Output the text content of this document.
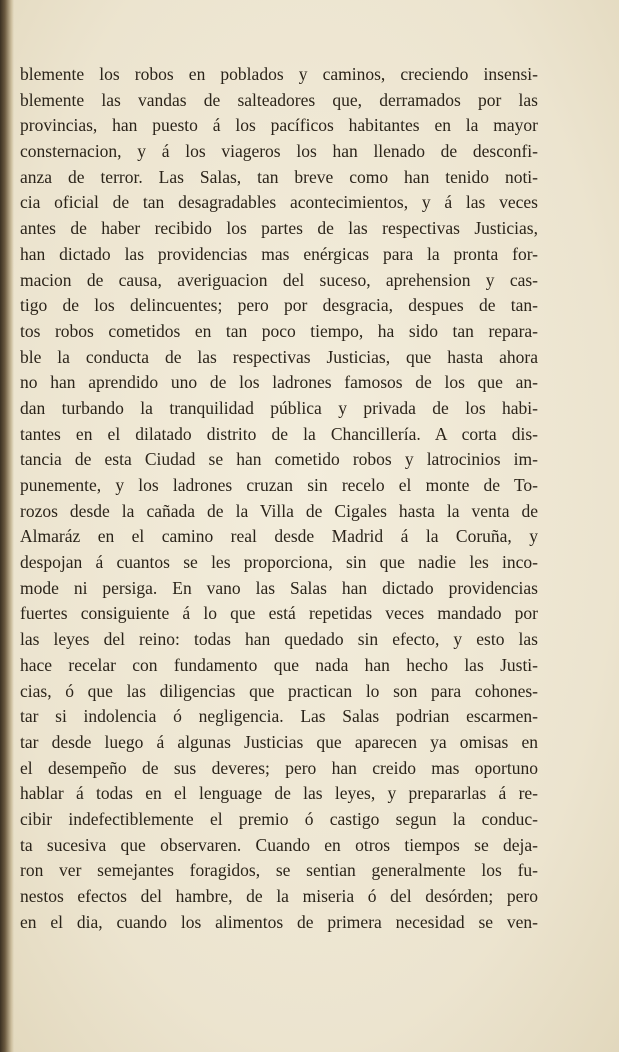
blemente los robos en poblados y caminos, creciendo insensi-
blemente las vandas de salteadores que, derramados por las
provincias, han puesto á los pacíficos habitantes en la mayor
consternacion, y á los viageros los han llenado de desconfi-
anza de terror. Las Salas, tan breve como han tenido noti-
cia oficial de tan desagradables acontecimientos, y á las veces
antes de haber recibido los partes de las respectivas Justicias,
han dictado las providencias mas enérgicas para la pronta for-
macion de causa, averiguacion del suceso, aprehension y cas-
tigo de los delincuentes; pero por desgracia, despues de tan-
tos robos cometidos en tan poco tiempo, ha sido tan repara-
ble la conducta de las respectivas Justicias, que hasta ahora
no han aprendido uno de los ladrones famosos de los que an-
dan turbando la tranquilidad pública y privada de los habi-
tantes en el dilatado distrito de la Chancillería. A corta dis-
tancia de esta Ciudad se han cometido robos y latrocinios im-
punemente, y los ladrones cruzan sin recelo el monte de To-
rozos desde la cañada de la Villa de Cigales hasta la venta de
Almaráz en el camino real desde Madrid á la Coruña, y
despojan á cuantos se les proporciona, sin que nadie les inco-
mode ni persiga. En vano las Salas han dictado providencias
fuertes consiguiente á lo que está repetidas veces mandado por
las leyes del reino: todas han quedado sin efecto, y esto las
hace recelar con fundamento que nada han hecho las Justi-
cias, ó que las diligencias que practican lo son para cohones-
tar si indolencia ó negligencia. Las Salas podrian escarmen-
tar desde luego á algunas Justicias que aparecen ya omisas en
el desempeño de sus deveres; pero han creido mas oportuno
hablar á todas en el lenguage de las leyes, y prepararlas á re-
cibir indefectiblemente el premio ó castigo segun la conduc-
ta sucesiva que observaren. Cuando en otros tiempos se deja-
ron ver semejantes foragidos, se sentian generalmente los fu-
nestos efectos del hambre, de la miseria ó del desórden; pero
en el dia, cuando los alimentos de primera necesidad se ven-
